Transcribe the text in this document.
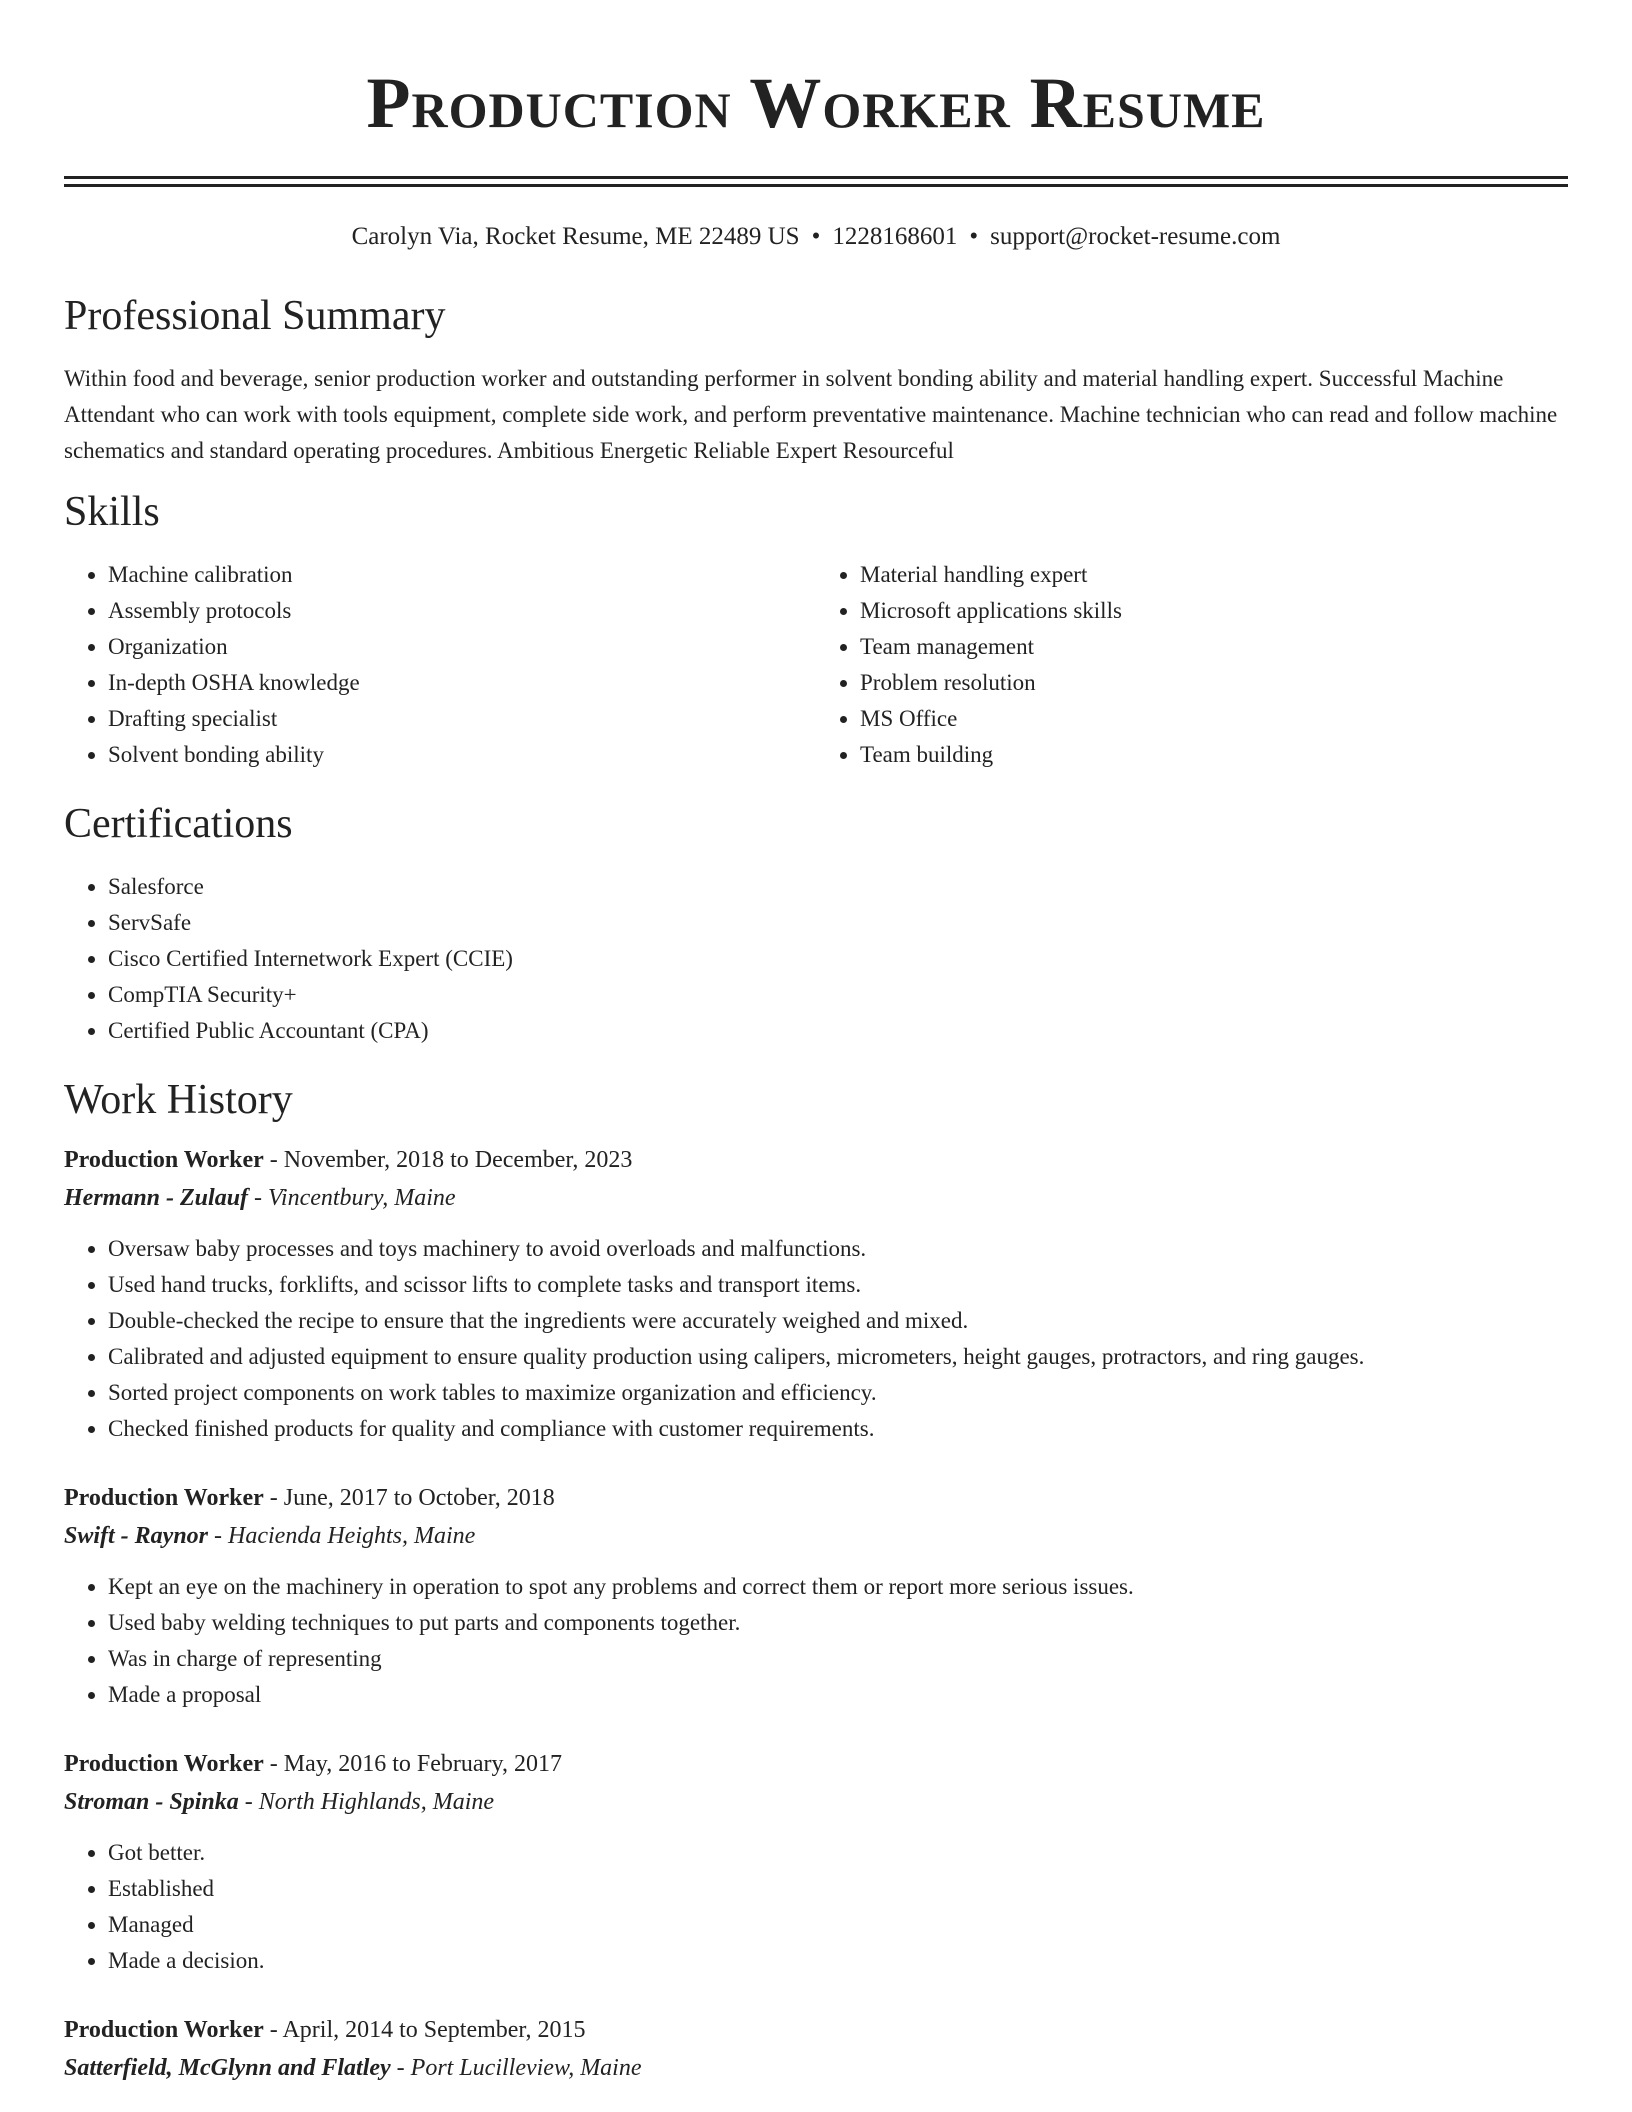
Production Worker Resume
Carolyn Via, Rocket Resume, ME 22489 US • 1228168601 • support@rocket-resume.com
Professional Summary

Within food and beverage, senior production worker and outstanding performer in solvent bonding ability and material handling expert. Successful Machine Attendant who can work with tools equipment, complete side work, and perform preventative maintenance. Machine technician who can read and follow machine schematics and standard operating procedures. Ambitious Energetic Reliable Expert Resourceful

Skills
• Machine calibration
• Assembly protocols
• Organization
• In-depth OSHA knowledge
• Drafting specialist
• Solvent bonding ability
• Material handling expert
• Microsoft applications skills
• Team management
• Problem resolution
• MS Office
• Team building
Certifications
• Salesforce
• ServSafe
• Cisco Certified Internetwork Expert (CCIE)
• CompTIA Security+
• Certified Public Accountant (CPA)
Work History
Production Worker - November, 2018 to December, 2023
Hermann - Zulauf - Vincentbury, Maine
• Oversaw baby processes and toys machinery to avoid overloads and malfunctions.
• Used hand trucks, forklifts, and scissor lifts to complete tasks and transport items.
• Double-checked the recipe to ensure that the ingredients were accurately weighed and mixed.
• Calibrated and adjusted equipment to ensure quality production using calipers, micrometers, height gauges, protractors, and ring gauges.
• Sorted project components on work tables to maximize organization and efficiency.
• Checked finished products for quality and compliance with customer requirements.
Production Worker - June, 2017 to October, 2018
Swift - Raynor - Hacienda Heights, Maine
• Kept an eye on the machinery in operation to spot any problems and correct them or report more serious issues.
• Used baby welding techniques to put parts and components together.
• Was in charge of representing
• Made a proposal
Production Worker - May, 2016 to February, 2017
Stroman - Spinka - North Highlands, Maine
• Got better.
• Established
• Managed
• Made a decision.
Production Worker - April, 2014 to September, 2015
Satterfield, McGlynn and Flatley - Port Lucilleview, Maine
